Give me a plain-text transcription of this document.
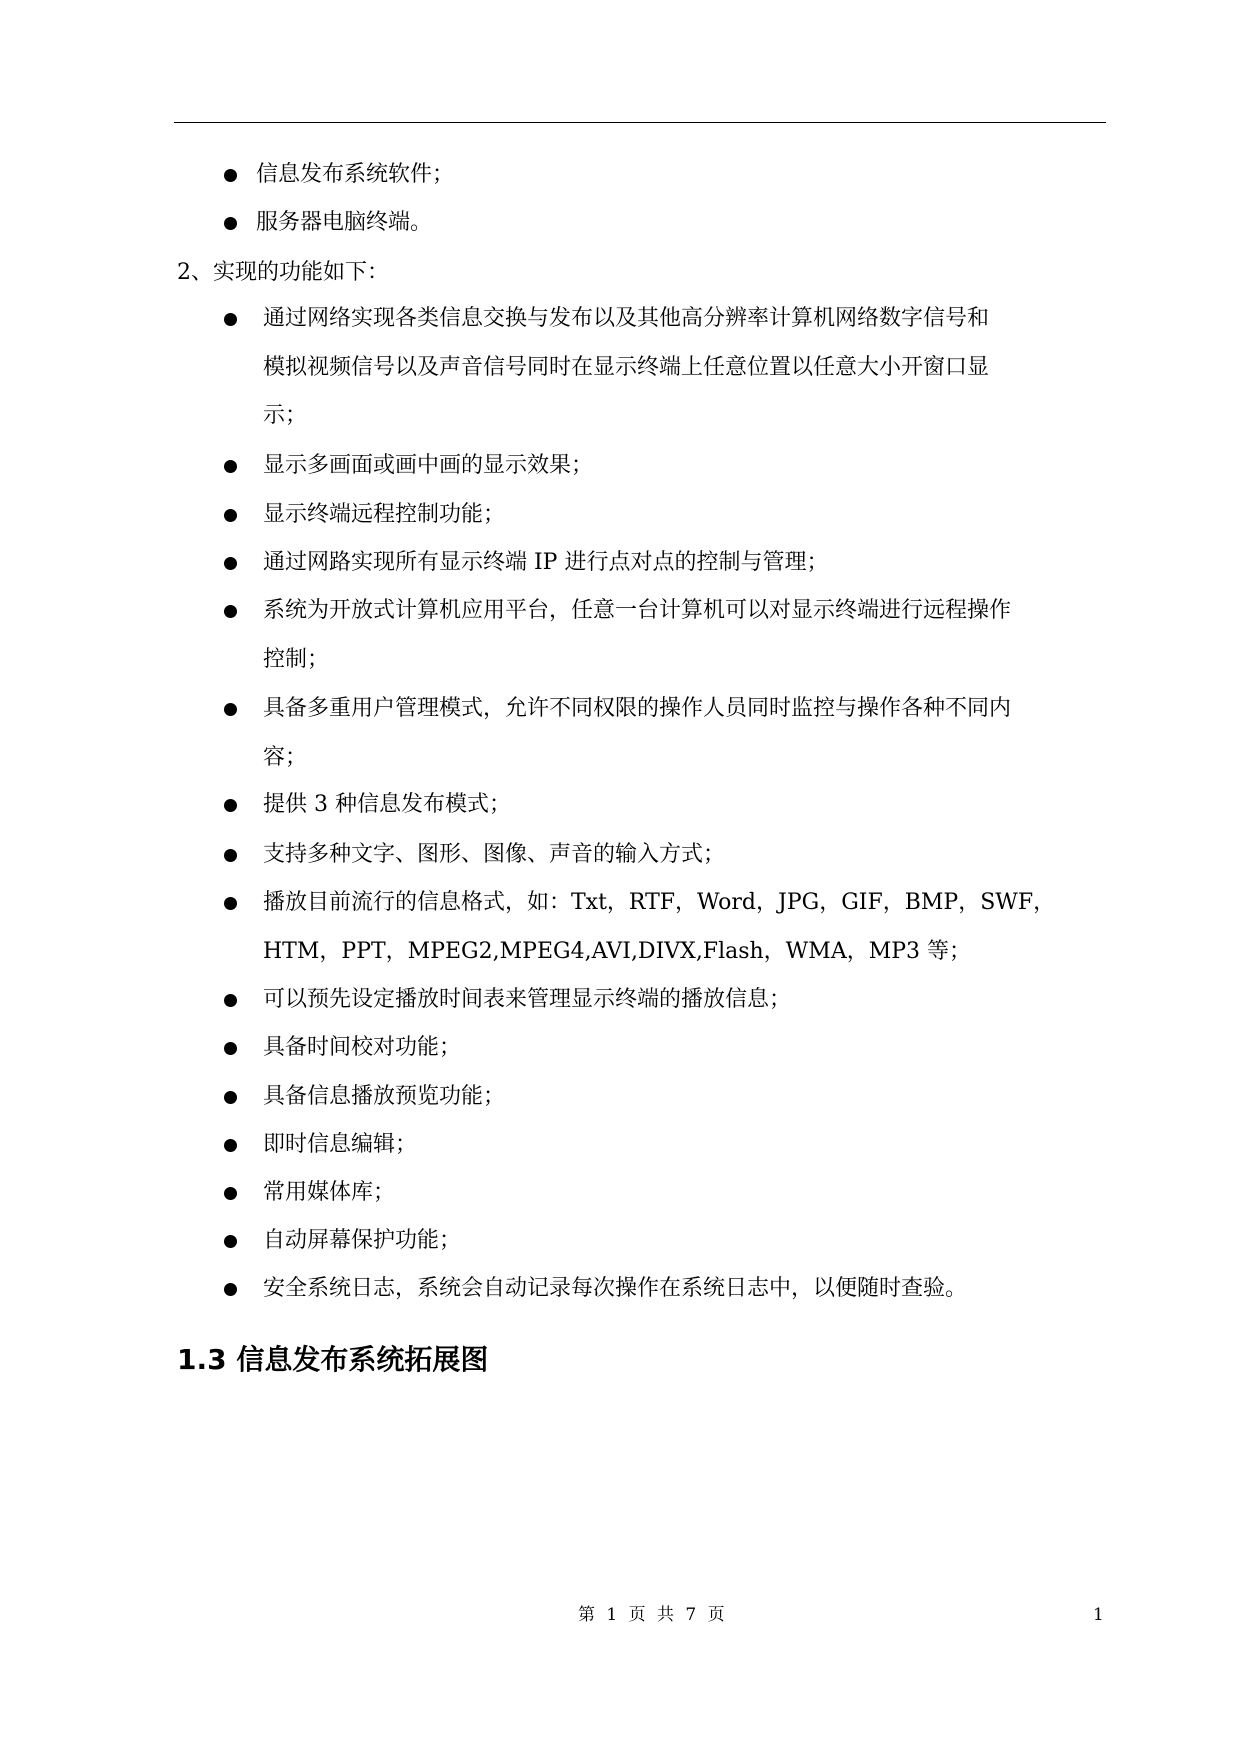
信息发布系统软件；
服务器电脑终端。
2、实现的功能如下：
通过网络实现各类信息交换与发布以及其他高分辨率计算机网络数字信号和
模拟视频信号以及声音信号同时在显示终端上任意位置以任意大小开窗口显
示；
显示多画面或画中画的显示效果；
显示终端远程控制功能；
通过网路实现所有显示终端 IP 进行点对点的控制与管理；
系统为开放式计算机应用平台，任意一台计算机可以对显示终端进行远程操作
控制；
具备多重用户管理模式，允许不同权限的操作人员同时监控与操作各种不同内
容；
提供 3 种信息发布模式；
支持多种文字、图形、图像、声音的输入方式；
播放目前流行的信息格式，如：Txt，RTF，Word，JPG，GIF，BMP，SWF，
HTM，PPT，MPEG2,MPEG4,AVI,DIVX,Flash，WMA，MP3 等；
可以预先设定播放时间表来管理显示终端的播放信息；
具备时间校对功能；
具备信息播放预览功能；
即时信息编辑；
常用媒体库；
自动屏幕保护功能；
安全系统日志，系统会自动记录每次操作在系统日志中，以便随时查验。
1.3 信息发布系统拓展图
第 1 页 共 7 页	1
